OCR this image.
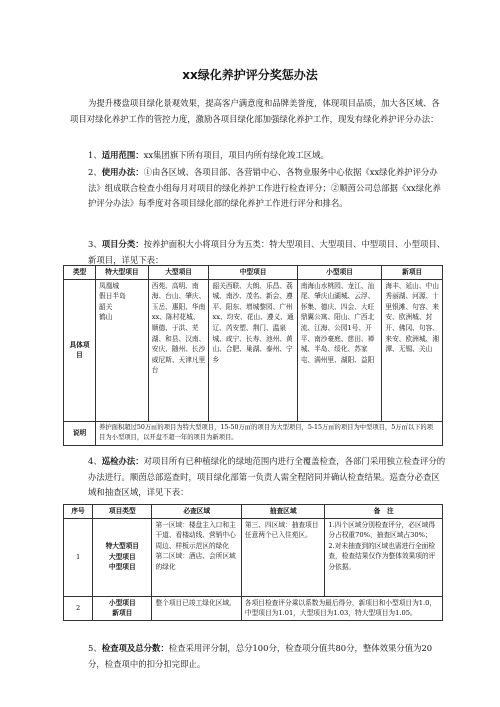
xx绿化养护评分奖惩办法
为提升楼盘项目绿化景观效果，提高客户满意度和品牌美誉度，体现项目品质，加大各区域、各项目对绿化养护工作的管控力度，激励各项目绿化部加强绿化养护工作，现发有绿化养护评分办法：
1、适用范围：xx集团旗下所有项目，项目内所有绿化竣工区域。
2、使用办法：①由各区域、各项目部、各营销中心、各物业服务中心依据《xx绿化养护评分办法》组成联合检查小组每月对项目的绿化养护工作进行检查评分；②顺茵公司总部据《xx绿化养护评分办法》每季度对各项目绿化部的绿化养护工作进行评分和排名。
3、项目分类：按养护面积大小将项目分为五类：特大型项目、大型项目、中型项目、小型项目、新项目，详见下表：
类型	特大型项目	大型项目	中型项目	小型项目	新项目
具体项目	凤凰城
假日半岛
韶关
鹤山	西苑、高明、南海、台山、肇庆、玉岳、惠阳、华南xx、陈村花城、顺德、于洪、芜湖、和县、汉南、安庆、随州、长沙威尼斯、天津凡里台	韶关西联、大朗、乐昌、荔城、南沙、茂名、新会、遵平、阳东、增城黎园、广州xx、均安、花山、遵义、通辽、芮安塑、荆门、温泉城、咸宁、长寿、池州、黄山、合肥、巢湖、泰州、宁乡	南海山水桃园、龙江、汕尾、肇庆山湖城、云浮、怀集、德庆、四会、大旺鼎翼公寓、阳山、广西北流、江海、公园1号、开平、南沙豪庭、慈田、禅城、半岛、绥化、苏家屯、满州里、湖阳、益阳	海丰、延山、中山秀丽湖、河源、十里银滩、句容、来安、欧洲城、封开、佛冈、句容、来安、欧洲城、湘潭、无锡、关山
说明	养护面积超过50万㎡的项目为特大型项目，15-50万㎡的项目为大型项目，5-15万㎡的项目为中型项目，5万㎡以下的项目为小型项目，以开盘不超一年的项目为新项目。				
4、巡检办法：对项目所有已种植绿化的绿地范围内进行全覆盖检查，各部门采用独立检查评分的办法进行。顺茵总部巡查时，项目绿化部第一负责人需全程陪同并确认检查结果。巡查分必查区域和抽查区域，详见下表：
序号	项目类型	必查区域	抽查区域	备　注
1	特大型项目
大型项目
中型项目	第一区域：楼盘主入口和主干道、看楼动线、营销中心周边、样板示范区的绿化
第二区域：酒店、会所区域的绿化	第三、四区域：抽查项目任意两个已入住苑区。	1.四个区域分别检查评分，必区域得分占权重70%，抽查区域占30%；
2.对未抽查到的区域也需进行全面检查，检查结果仅作为整体效果项的评分依据。
2	小型项目
新项目	整个项目已竣工绿化区域。	各项目检查评分乘以系数为最后得分，新项目和小型项目为1.0，中型项目为1.01，大型项目为1.03，特大型项目为1.05。	
5、检查项及总分数：检查采用评分制，总分100分，检查项分值共80分，整体效果分值为20分，检查项中的扣分扣完即止。
